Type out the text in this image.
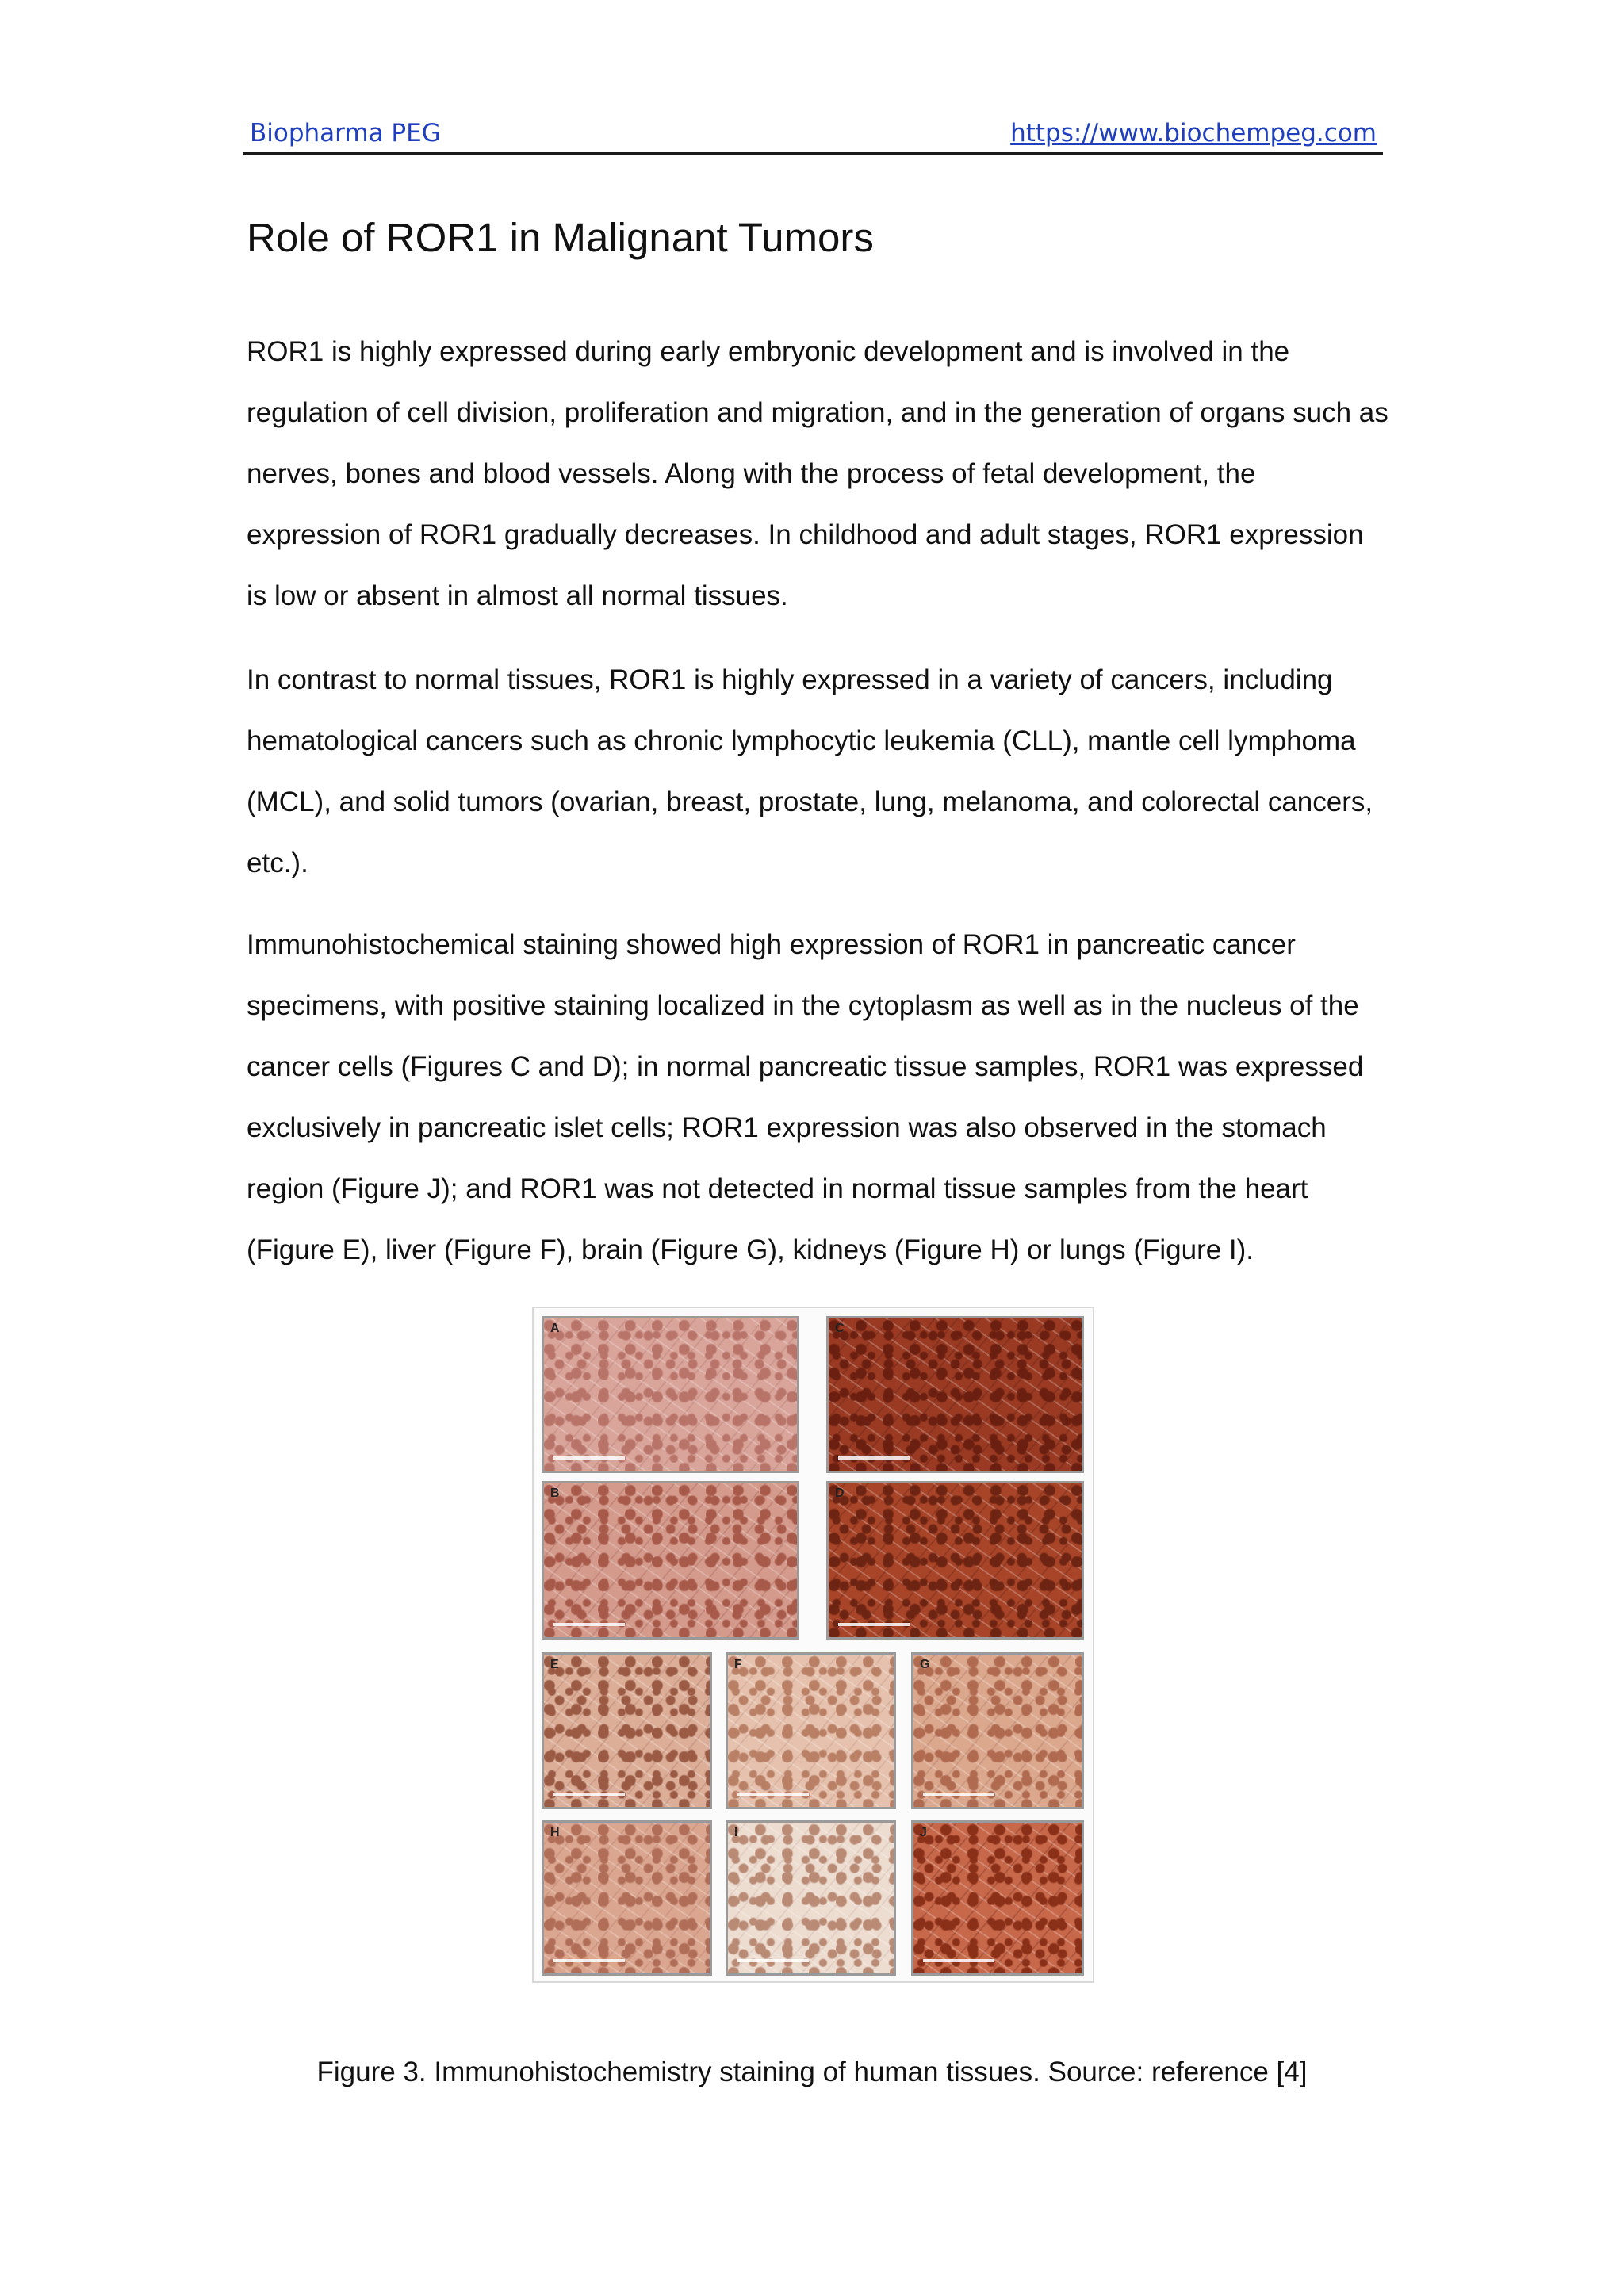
Biopharma PEG	https://www.biochempeg.com
Role of ROR1 in Malignant Tumors

ROR1 is highly expressed during early embryonic development and is involved in the regulation of cell division, proliferation and migration, and in the generation of organs such as nerves, bones and blood vessels. Along with the process of fetal development, the expression of ROR1 gradually decreases. In childhood and adult stages, ROR1 expression is low or absent in almost all normal tissues.

In contrast to normal tissues, ROR1 is highly expressed in a variety of cancers, including hematological cancers such as chronic lymphocytic leukemia (CLL), mantle cell lymphoma (MCL), and solid tumors (ovarian, breast, prostate, lung, melanoma, and colorectal cancers, etc.).

Immunohistochemical staining showed high expression of ROR1 in pancreatic cancer specimens, with positive staining localized in the cytoplasm as well as in the nucleus of the cancer cells (Figures C and D); in normal pancreatic tissue samples, ROR1 was expressed exclusively in pancreatic islet cells; ROR1 expression was also observed in the stomach region (Figure J); and ROR1 was not detected in normal tissue samples from the heart (Figure E), liver (Figure F), brain (Figure G), kidneys (Figure H) or lungs (Figure I).

A	C
B	D
E	F	G
H	I	J

Figure 3. Immunohistochemistry staining of human tissues. Source: reference [4]
